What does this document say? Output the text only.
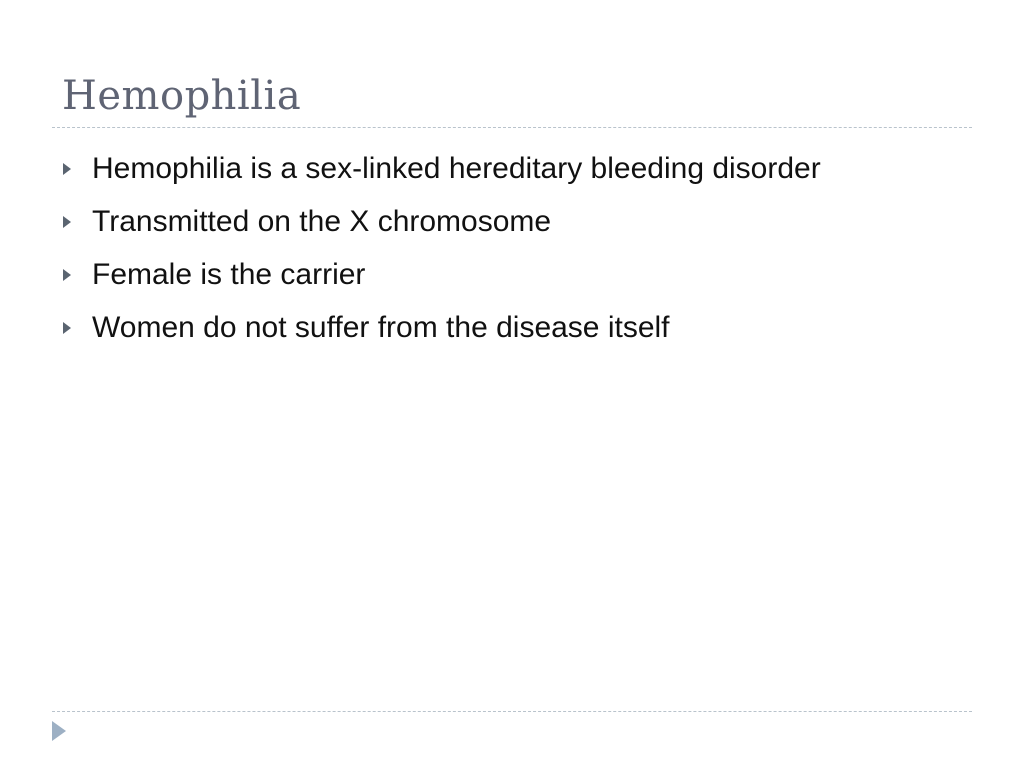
Hemophilia
Hemophilia is a sex-linked hereditary bleeding disorder
Transmitted on the X chromosome
Female is the carrier
Women do not suffer from the disease itself
